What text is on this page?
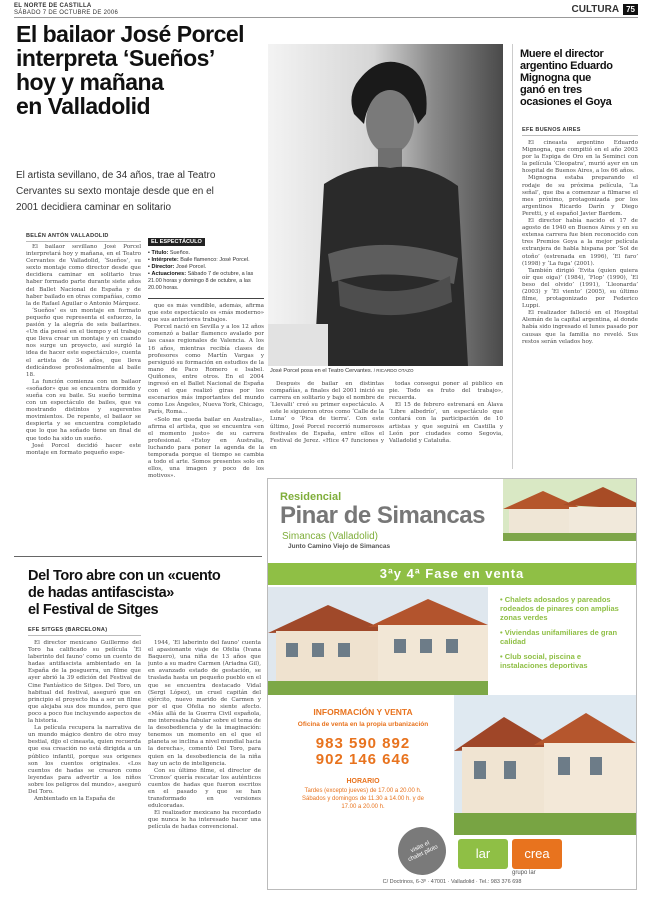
EL NORTE DE CASTILLA
SÁBADO 7 DE OCTUBRE DE 2006	CULTURA 75
El bailaor José Porcel
interpreta ‘Sueños’
hoy y mañana
en Valladolid
El artista sevillano, de 34 años, trae al Teatro
Cervantes su sexto montaje desde que en el
2001 decidiera caminar en solitario
BELÉN ANTÓN VALLADOLID

El bailaor sevillano José Porcel interpretará hoy y mañana, en el Teatro Cervantes de Valladolid, ‘Sueños’, su sexto montaje como director desde que decidiera caminar en solitario tras haber formado parte durante siete años del Ballet Nacional de España y de haber bailado en otras compañías, como la de Rafael Aguilar o Antonio Márquez.

‘Sueños’ es un montaje en formato pequeño que representa el esfuerzo, la pasión y la alegría de seis bailarines. «Un día pensé en el tiempo y el trabajo que lleva crear un montaje y en cuando nos surge un proyecto, así surgió la idea de hacer este espectáculo», cuenta el artista de 34 años, que lleva dedicándose profesionalmente al baile 18.

La función comienza con un bailaor «soñador» que se encuentra dormido y sueña con su baile. Su sueño termina con un espectáculo de bailes, que va mostrando distintos y sugerentes movimientos. De repente, el bailaor se despierta y se encuentra completado que lo que ha soñado tiene un final de que todo ha sido un sueño.

José Porcel decidió hacer este montaje en formato pequeño espe-

EL ESPECTÁCULO
▪ Título: Sueños.
▪ Intérprete: Baile flamenco: José Porcel.
▪ Director: José Porcel.
▪ Actuaciones: Sábado 7 de octubre, a las 21.00 horas y domingo 8 de octubre, a las 20.00 horas.

que es más vendible, además, afirma que este espectáculo es «más moderno» que sus anteriores trabajos.

Porcel nació en Sevilla y a los 12 años comenzó a bailar flamenco avalado por las casas regionales de Valencia. A los 16 años, mientras recibía clases de profesores como Martín Vargas y persiguió su formación en estudios de la mano de Paco Romero e Isabel. Quiñones, entre otros. En el 2004 ingresó en el Ballet Nacional de España con el que realizó giras por los escenarios más importantes del mundo como Los Ángeles, Nueva York, Chicago, París, Roma…

«Solo me queda bailar en Australia», afirma el artista, que se encuentra «en el momento justo» de su carrera profesional. «Estoy en Australia, luchando para poner la agenda de la temporada porque el tiempo se cambia a todo el arte. Somos presentes solo en ellos, una imagen y poco de los motivos».

José Porcel posa en el Teatro Cervantes. / RICARDO OTAZO

Después de bailar en distintas compañías, a finales del 2001 inició su carrera en solitario y bajo el nombre de ‘Llevalli’ creó su primer espectáculo. A este le siguieron otros como ‘Calle de la Luna’ o ‘Pica de tierra’. Con este último, José Porcel recorrió numerosos festivales de España, entre ellos el Festival de Jerez. «Hice 47 funciones y en

todas conseguí poner al público en pie. Todo es fruto del trabajo», recuerda.

El 15 de febrero estrenará en Álava ‘Libre albedrío’, un espectáculo que contará con la participación de 10 artistas y que seguirá en Castilla y León por ciudades como Segovia, Valladolid y Cataluña.

Muere el director
argentino Eduardo
Mignogna que
ganó en tres
ocasiones el Goya
EFE BUENOS AIRES

El cineasta argentino Eduardo Mignogna, que compitió en el año 2003 por la Espiga de Oro en la Seminci con la película ‘Cleopatra’, murió ayer en un hospital de Buenos Aires, a los 66 años.

Mignogna estaba preparando el rodaje de su próxima película, ‘La señal’, que iba a comenzar a filmarse el mes próximo, protagonizada por los argentinos Ricardo Darín y Diego Peretti, y el español Javier Bardem.

El director había nacido el 17 de agosto de 1940 en Buenos Aires y en su extensa carrera fue bien reconocido con tres Premios Goya a la mejor película extranjera de habla hispana por ‘Sol de otoño’ (estrenada en 1996), ‘El faro’ (1998) y ‘La fuga’ (2001).

También dirigió ‘Evita (quien quiera oír que oiga)’ (1984), ‘Flop’ (1990), ‘El beso del olvido’ (1991), ‘Lleonarda’ (2003) y ‘El viento’ (2005), su último filme, protagonizado por Federico Luppi.

El realizador falleció en el Hospital Alemán de la capital argentina, al donde había sido ingresado el lunes pasado por causas que la familia no reveló. Sus restos serán velados hoy.

Del Toro abre con un «cuento
de hadas antifascista»
el Festival de Sitges
EFE SITGES (BARCELONA)

El director mexicano Guillermo del Toro ha calificado su película ‘El laberinto del fauno’ como un cuento de hadas antifascista ambientado en la España de la posguerra, un filme que ayer abrió la 39 edición del Festival de Cine Fantástico de Sitges. Del Toro, un habitual del festival, aseguró que en principio el proyecto iba a ser un filme que alejaba sus dos mundos, pero que poco a poco fue incluyendo aspectos de la historia.

La película recupera la narrativa de un mundo mágico dentro de otro muy bestial, dijo el cineasta, quien recuerda que esa creación no está dirigida a un público infantil, porque sus origenes son los cuentos originales. «Los cuentos de hadas se crearon como leyendas para advertir a los niños sobre los peligros del mundo», aseguró Del Toro.

Ambientado en la España de

1944, ‘El laberinto del fauno’ cuenta el apasionante viaje de Ofelia (Ivana Baquero), una niña de 13 años que junto a su madre Carmen (Ariadna Gil), en avanzado estado de gestación, se traslada hasta un pequeño pueblo en el que se encuentra destacado Vidal (Sergi López), un cruel capitán del ejército, nuevo marido de Carmen y por el que Ofelia no siente afecto. «Más allá de la Guerra Civil española, me interesaba fabular sobre el tema de la desobediencia y de la imaginación: tenemos un momento en el que el planeta se inclina a nivel mundial hacia la derecha», comentó Del Toro, para quien en la desobediencia de la niña hay un acto de inteligencia.

Con su último filme, el director de ‘Cronos’ quería rescatar los auténticos cuentos de hadas que fueron escritos en el pasado y que se han transformado en versiones edulcoradas.

El realizador mexicano ha recordado que nunca le ha interesado hacer una película de hadas convencional.

Residencial
Pinar de Simancas
Simancas (Valladolid)
Junto Camino Viejo de Simancas
3ªy 4ª Fase en venta
• Chalets adosados y pareados rodeados de pinares con amplias zonas verdes
• Viviendas unifamiliares de gran calidad
• Club social, piscina e instalaciones deportivas
INFORMACIÓN Y VENTA
Oficina de venta en la propia urbanización
983 590 892
902 146 646
HORARIO
Tardes (excepto jueves) de 17.00 a 20.00 h. Sábados y domingos de 11.30 a 14.00 h. y de 17.00 a 20.00 h.
visite el chalet piloto	lar	crea
grupo lar
C/ Doctrinos, 6-3º · 47001 · Valladolid · Tel.: 983 376 698
